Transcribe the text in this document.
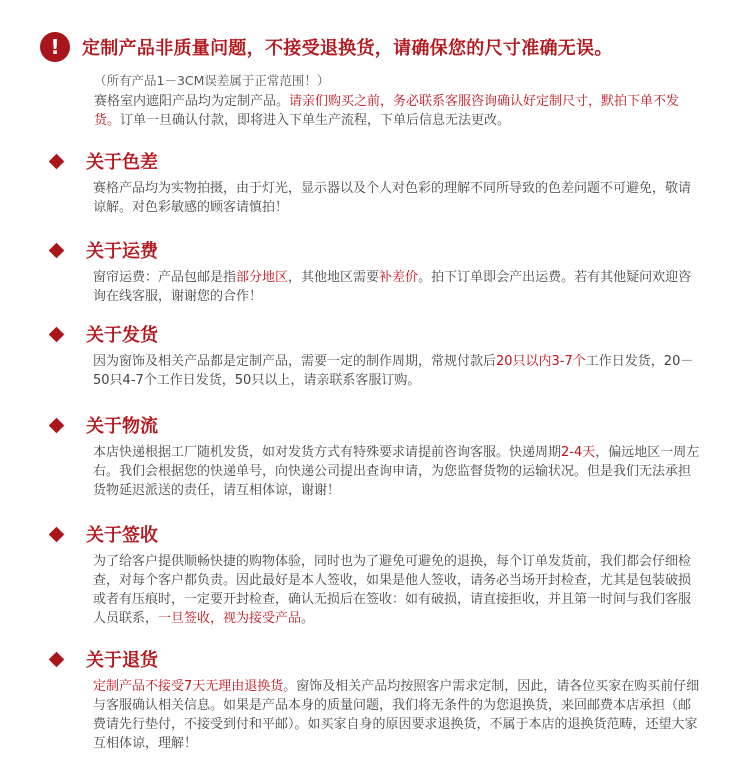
!	定制产品非质量问题，不接受退换货，请确保您的尺寸准确无误。
（所有产品1－3CM误差属于正常范围！）
赛格室内遮阳产品均为定制产品。请亲们购买之前，务必联系客服咨询确认好定制尺寸，默拍下单不发货。订单一旦确认付款，即将进入下单生产流程，下单后信息无法更改。
关于色差
赛格产品均为实物拍摄，由于灯光，显示器以及个人对色彩的理解不同所导致的色差问题不可避免，敬请谅解。对色彩敏感的顾客请慎拍！
关于运费
窗帘运费：产品包邮是指部分地区，其他地区需要补差价。拍下订单即会产出运费。若有其他疑问欢迎咨询在线客服，谢谢您的合作！
关于发货
因为窗饰及相关产品都是定制产品，需要一定的制作周期，常规付款后20只以内3-7个工作日发货，20－50只4-7个工作日发货，50只以上，请亲联系客服订购。
关于物流
本店快递根据工厂随机发货，如对发货方式有特殊要求请提前咨询客服。快递周期2-4天，偏远地区一周左右。我们会根据您的快递单号，向快递公司提出查询申请，为您监督货物的运输状况。但是我们无法承担货物延迟派送的责任，请互相体谅，谢谢！
关于签收
为了给客户提供顺畅快捷的购物体验，同时也为了避免可避免的退换，每个订单发货前，我们都会仔细检查，对每个客户都负责。因此最好是本人签收，如果是他人签收，请务必当场开封检查，尤其是包装破损或者有压痕时，一定要开封检查，确认无损后在签收：如有破损，请直接拒收，并且第一时间与我们客服人员联系，一旦签收，视为接受产品。
关于退货
定制产品不接受7天无理由退换货。窗饰及相关产品均按照客户需求定制，因此，请各位买家在购买前仔细与客服确认相关信息。如果是产品本身的质量问题，我们将无条件的为您退换货，来回邮费本店承担（邮费请先行垫付，不接受到付和平邮）。如买家自身的原因要求退换货，不属于本店的退换货范畴，还望大家互相体谅，理解！
